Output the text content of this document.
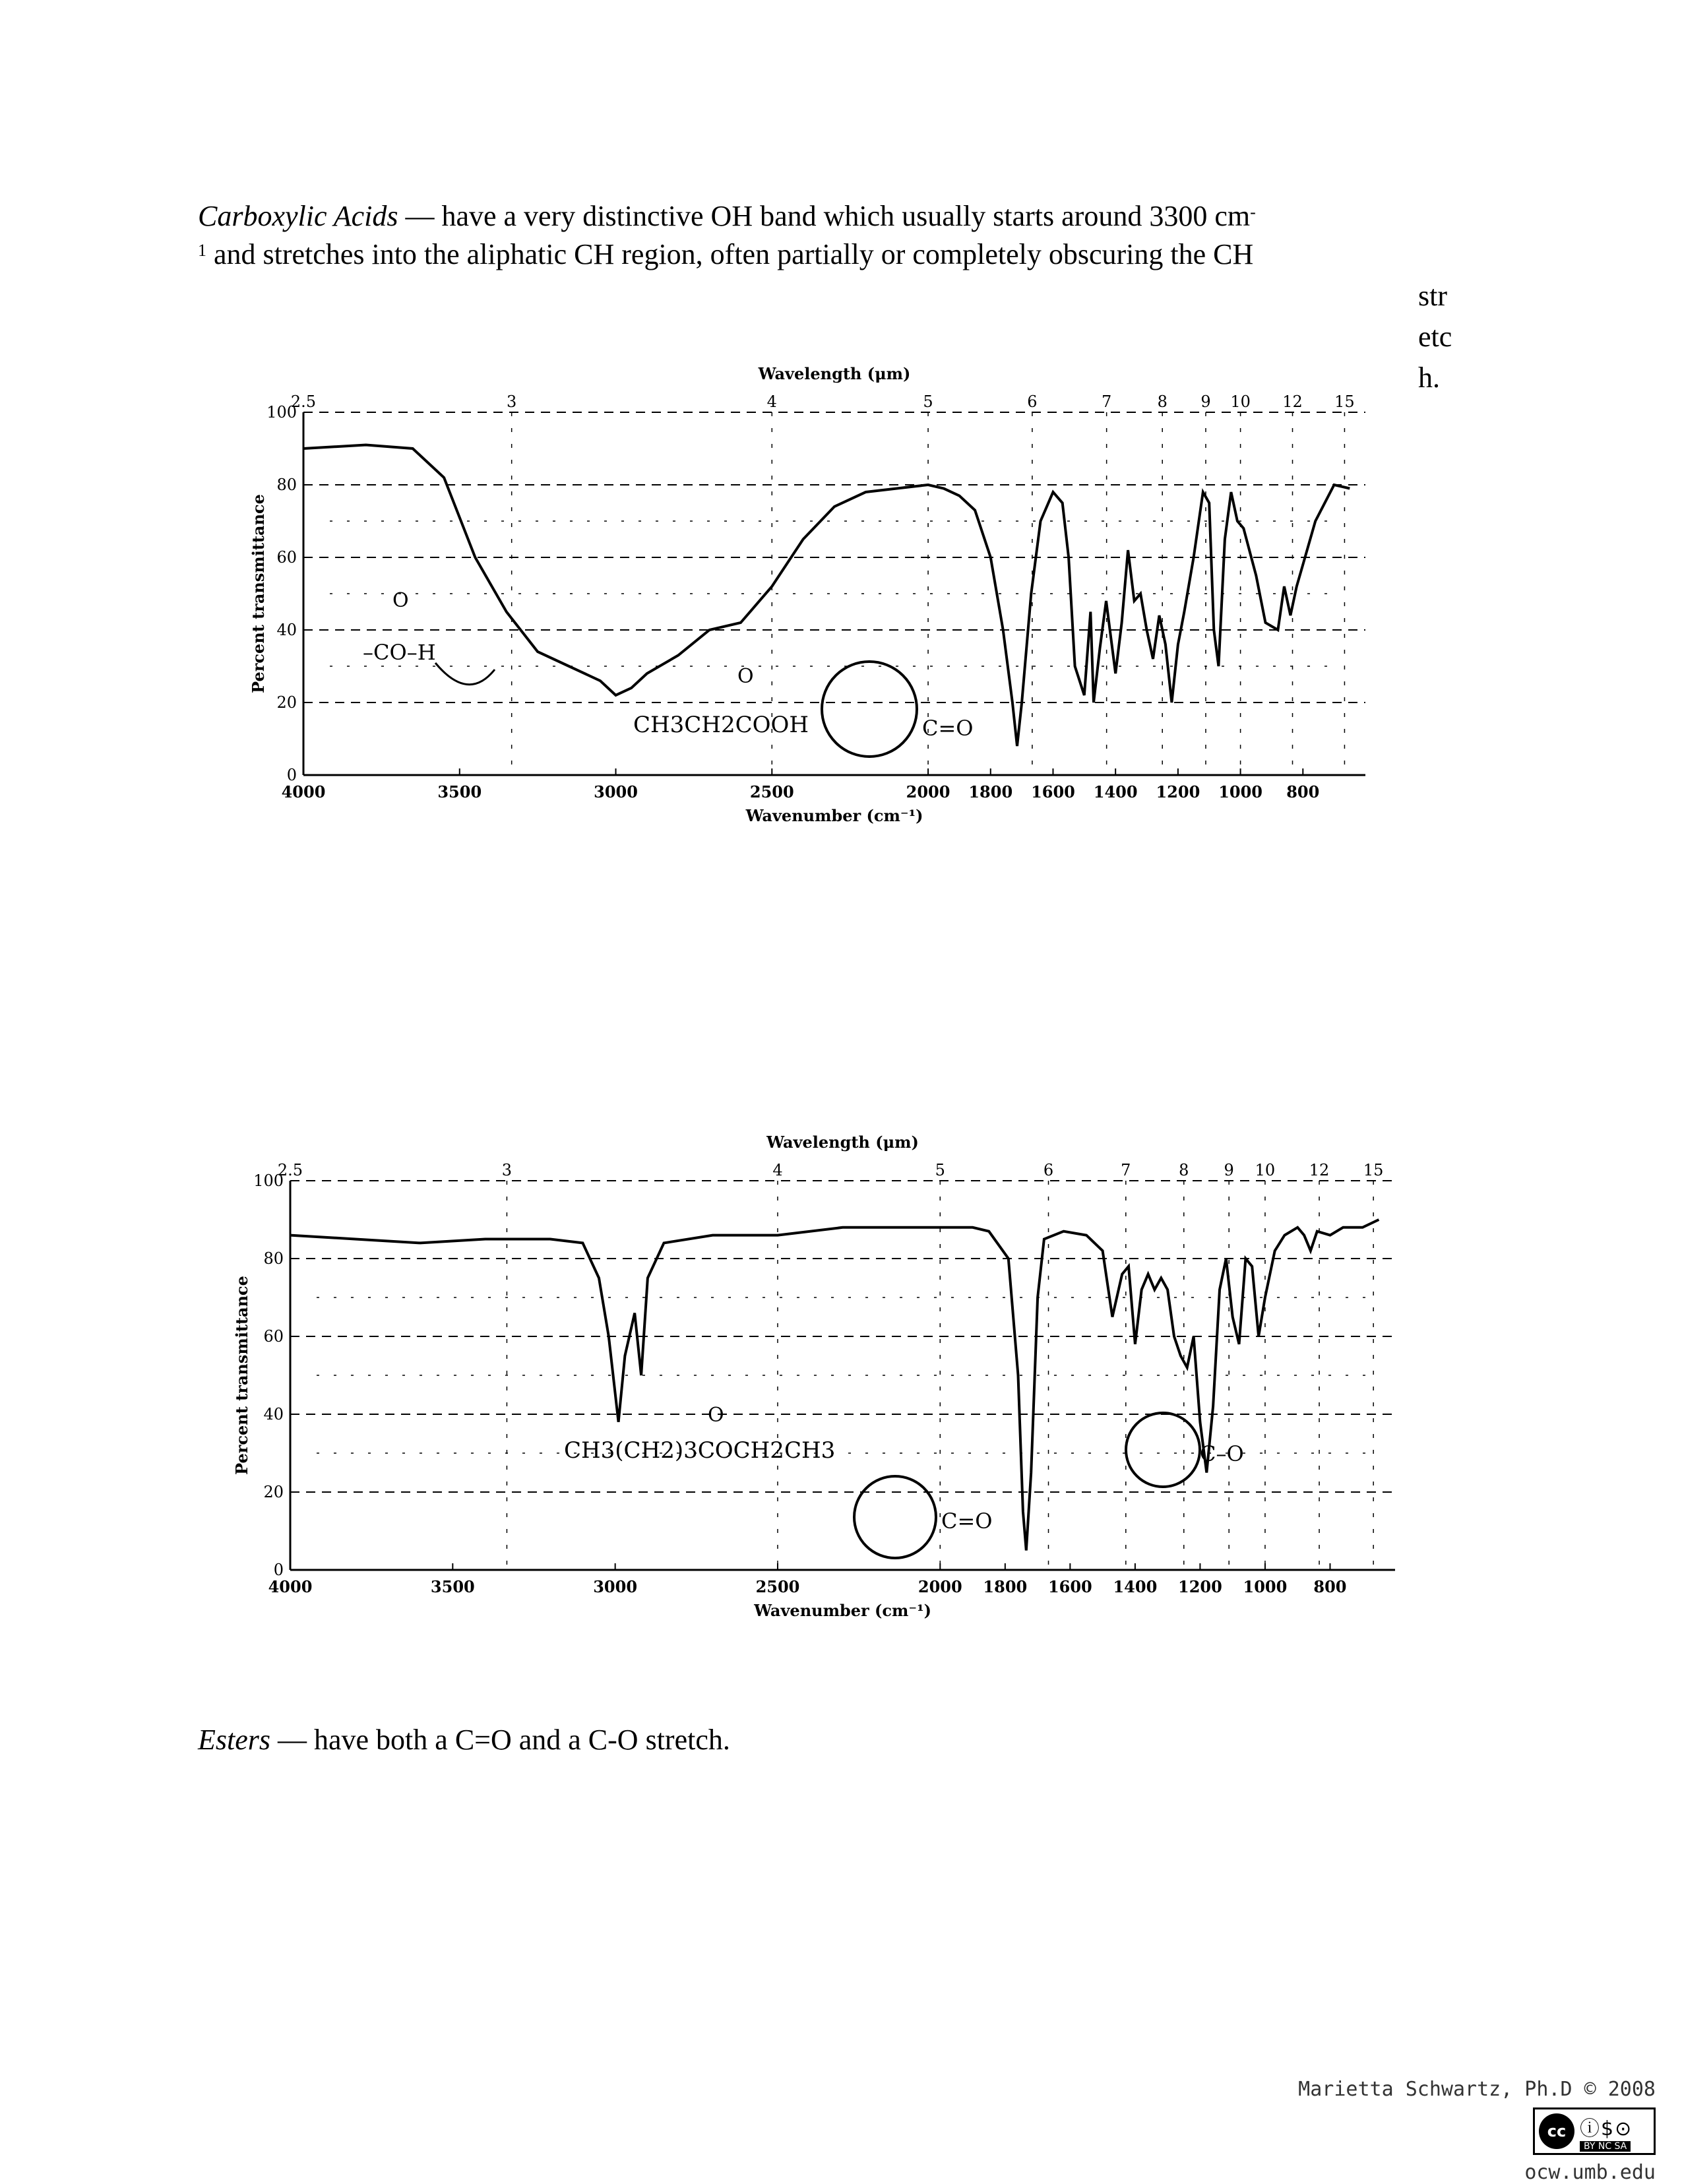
Carboxylic Acids — have a very distinctive OH band which usually starts around 3300 cm-
$^1$ and stretches into the aliphatic CH region, often partially or completely obscuring the CH
str
etc
h.
4000	3500	3000	2500	2000 1800 1600 1400 1200 1000 800
0
20
40
60
80
100
2.5	3	4	5	6	7	8 9 10 12 15
Wavelength (μm)
Wavenumber (cm⁻¹)
Percent transmittance	O
–CO–H
O
CH3CH2COOH	C=O
4000	3500	3000	2500	2000 1800 1600 1400 1200 1000 800
0
20
40
60
80
100
2.5	3	4	5	6	7	8 9 10 12 15
Wavelength (μm)
Wavenumber (cm⁻¹)
Percent transmittance	O
CH3(CH2)3COCH2CH3
C=O
C–O
Esters — have both a C=O and a C-O stretch.
Marietta Schwartz, Ph.D © 2008
cc ⓘ$⊙
BY NC SA
ocw.umb.edu
